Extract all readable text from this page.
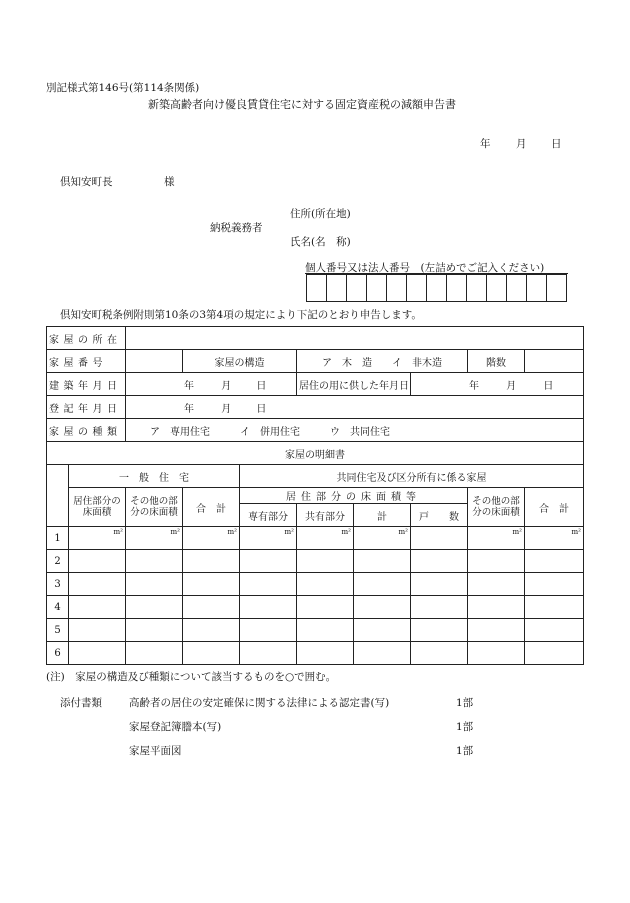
別記様式第146号(第114条関係)
新築高齢者向け優良賃貸住宅に対する固定資産税の減額申告書
年 月 日
倶知安町長	様
住所(所在地)
納税義務者
氏名(名　称)
個人番号又は法人番号　(左詰めでご記入ください)

倶知安町税条例附則第10条の3第4項の規定により下記のとおり申告します。
家屋の所在									
家屋番号			家屋の構造		ア　木　造　　イ　非木造			階数	
建築年月日		年 月 日			居住の用に供した年月日		年 月 日		
登記年月日		年 月 日							
家屋の種類		ア　専用住宅　　　イ　併用住宅　　　ウ　共同住宅							
家屋の明細書									
	一　般　住　宅			共同住宅及び区分所有に係る家屋					
	居住部分の床面積	その他の部分の床面積	合　計	居住部分の床面積等				その他の部分の床面積	合　計
				専有部分	共有部分	計	戸　　数		
1	m²	m²	m²	m²	m²	m²		m²	m²

2									
3									
4									
5									
6									
(注)　家屋の構造及び種類について該当するものを○で囲む。
添付書類	高齢者の居住の安定確保に関する法律による認定書(写)	1部
家屋登記簿謄本(写)	1部
家屋平面図	1部
